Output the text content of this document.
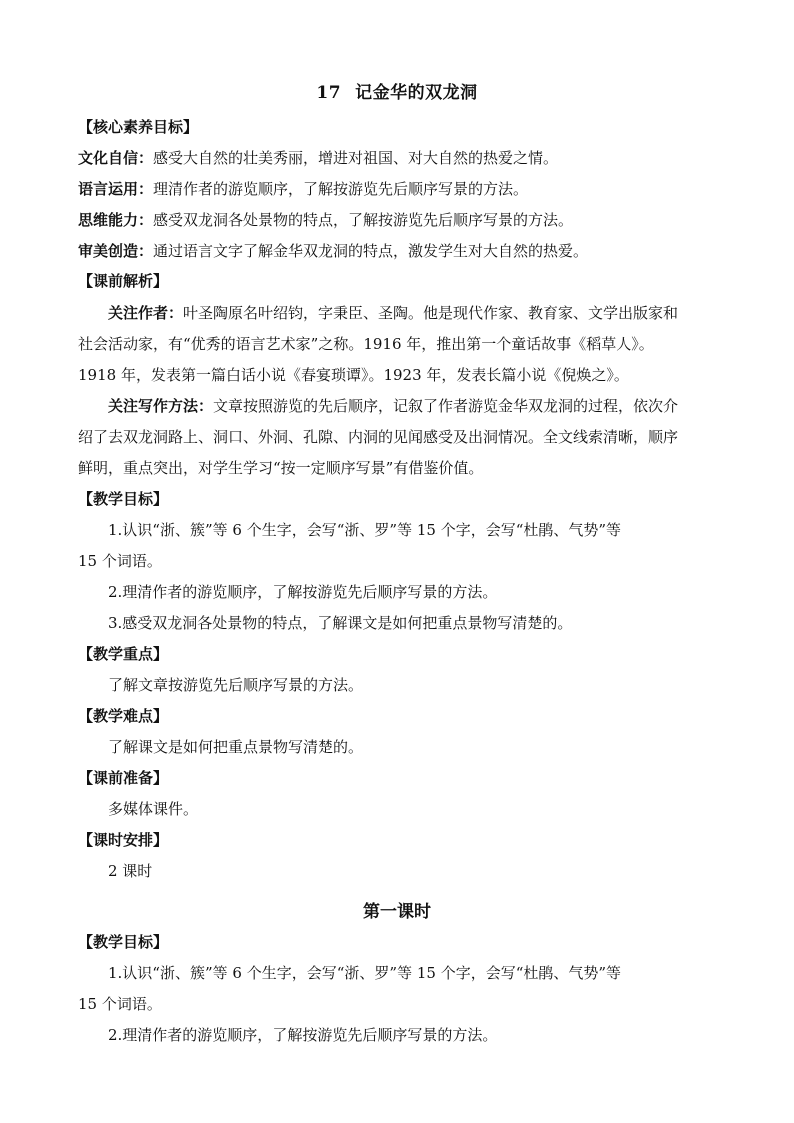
17 记金华的双龙洞
【核心素养目标】
文化自信：感受大自然的壮美秀丽，增进对祖国、对大自然的热爱之情。
语言运用：理清作者的游览顺序，了解按游览先后顺序写景的方法。
思维能力：感受双龙洞各处景物的特点，了解按游览先后顺序写景的方法。
审美创造：通过语言文字了解金华双龙洞的特点，激发学生对大自然的热爱。
【课前解析】
关注作者：叶圣陶原名叶绍钧，字秉臣、圣陶。他是现代作家、教育家、文学出版家和
社会活动家，有“优秀的语言艺术家”之称。1916 年，推出第一个童话故事《稻草人》。
1918 年，发表第一篇白话小说《春宴琐谭》。1923 年，发表长篇小说《倪焕之》。
关注写作方法：文章按照游览的先后顺序，记叙了作者游览金华双龙洞的过程，依次介
绍了去双龙洞路上、洞口、外洞、孔隙、内洞的见闻感受及出洞情况。全文线索清晰，顺序
鲜明，重点突出，对学生学习“按一定顺序写景”有借鉴价值。
【教学目标】
1.认识“浙、簇”等 6 个生字，会写“浙、罗”等 15 个字，会写“杜鹃、气势”等
15 个词语。
2.理清作者的游览顺序，了解按游览先后顺序写景的方法。
3.感受双龙洞各处景物的特点，了解课文是如何把重点景物写清楚的。
【教学重点】
了解文章按游览先后顺序写景的方法。
【教学难点】
了解课文是如何把重点景物写清楚的。
【课前准备】
多媒体课件。
【课时安排】
2 课时
第一课时
【教学目标】
1.认识“浙、簇”等 6 个生字，会写“浙、罗”等 15 个字，会写“杜鹃、气势”等
15 个词语。
2.理清作者的游览顺序，了解按游览先后顺序写景的方法。
